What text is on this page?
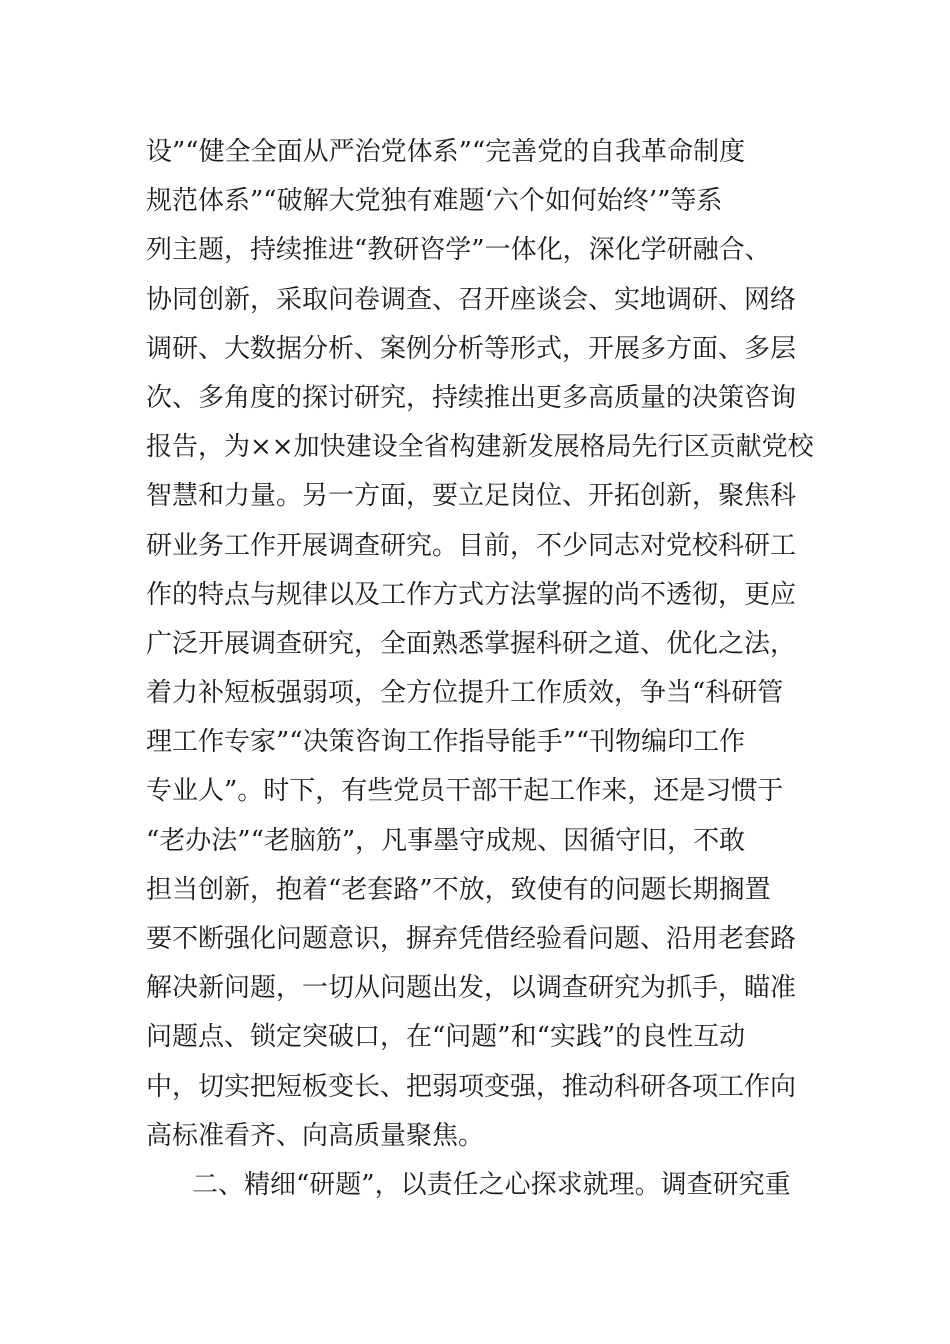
设”“健全全面从严治党体系”“完善党的自我革命制度
规范体系”“破解大党独有难题‘六个如何始终’”等系
列主题，持续推进“教研咨学”一体化，深化学研融合、
协同创新，采取问卷调查、召开座谈会、实地调研、网络
调研、大数据分析、案例分析等形式，开展多方面、多层
次、多角度的探讨研究，持续推出更多高质量的决策咨询
报告，为××加快建设全省构建新发展格局先行区贡献党校
智慧和力量。另一方面，要立足岗位、开拓创新，聚焦科
研业务工作开展调查研究。目前，不少同志对党校科研工
作的特点与规律以及工作方式方法掌握的尚不透彻，更应
广泛开展调查研究，全面熟悉掌握科研之道、优化之法，
着力补短板强弱项，全方位提升工作质效，争当“科研管
理工作专家”“决策咨询工作指导能手”“刊物编印工作
专业人”。时下，有些党员干部干起工作来，还是习惯于
“老办法”“老脑筋”，凡事墨守成规、因循守旧，不敢
担当创新，抱着“老套路”不放，致使有的问题长期搁置
要不断强化问题意识，摒弃凭借经验看问题、沿用老套路
解决新问题，一切从问题出发，以调查研究为抓手，瞄准
问题点、锁定突破口，在“问题”和“实践”的良性互动
中，切实把短板变长、把弱项变强，推动科研各项工作向
高标准看齐、向高质量聚焦。
二、精细“研题”，以责任之心探求就理。调查研究重
